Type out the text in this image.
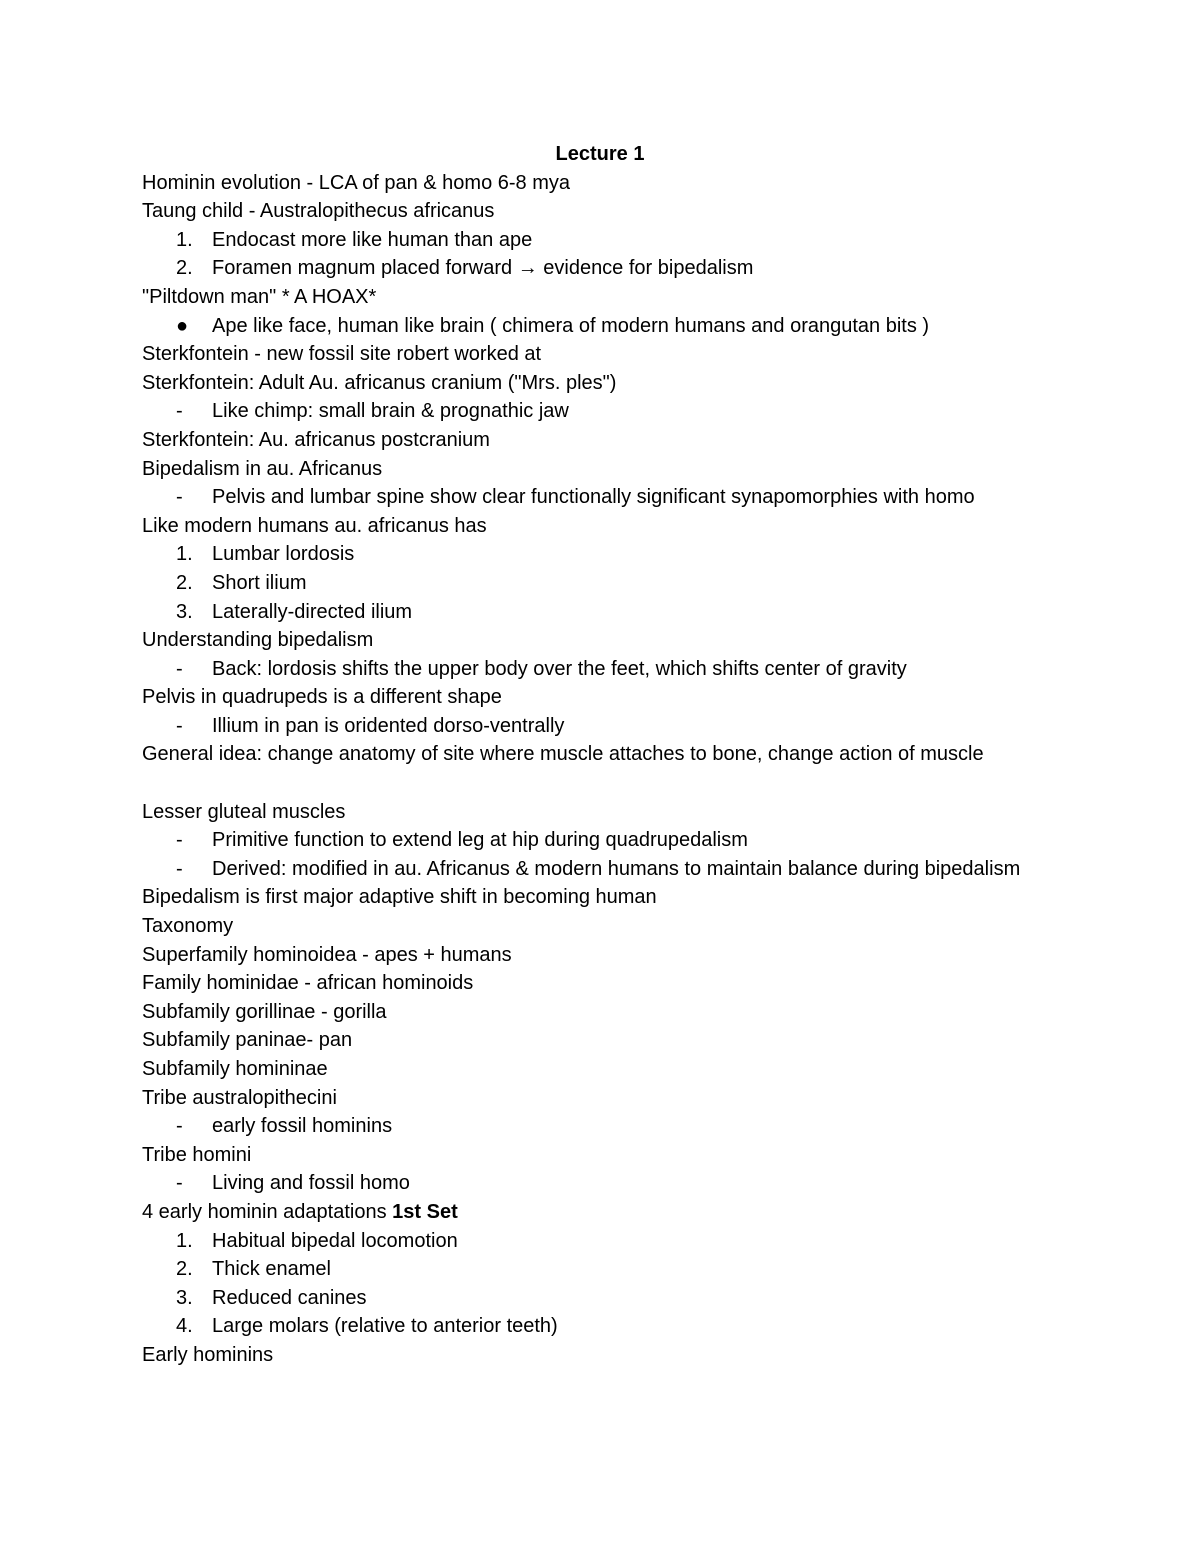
Lecture 1
Hominin evolution - LCA of pan & homo 6-8 mya
Taung child - Australopithecus africanus
1. Endocast more like human than ape
2. Foramen magnum placed forward → evidence for bipedalism
"Piltdown man" * A HOAX*
● Ape like face, human like brain ( chimera of modern humans and orangutan bits )
Sterkfontein - new fossil site robert worked at
Sterkfontein: Adult Au. africanus cranium ("Mrs. ples")
- Like chimp: small brain & prognathic jaw
Sterkfontein: Au. africanus postcranium
Bipedalism in au. Africanus
- Pelvis and lumbar spine show clear functionally significant synapomorphies with homo
Like modern humans au. africanus has
1. Lumbar lordosis
2. Short ilium
3. Laterally-directed ilium
Understanding bipedalism
- Back: lordosis shifts the upper body over the feet, which shifts center of gravity
Pelvis in quadrupeds is a different shape
- Illium in pan is oridented dorso-ventrally
General idea: change anatomy of site where muscle attaches to bone, change action of muscle
Lesser gluteal muscles
- Primitive function to extend leg at hip during quadrupedalism
- Derived: modified in au. Africanus & modern humans to maintain balance during bipedalism
Bipedalism is first major adaptive shift in becoming human
Taxonomy
Superfamily hominoidea - apes + humans
Family hominidae - african hominoids
Subfamily gorillinae - gorilla
Subfamily paninae- pan
Subfamily homininae
Tribe australopithecini
- early fossil hominins
Tribe homini
- Living and fossil homo
4 early hominin adaptations 1st Set
1. Habitual bipedal locomotion
2. Thick enamel
3. Reduced canines
4. Large molars (relative to anterior teeth)
Early hominins
